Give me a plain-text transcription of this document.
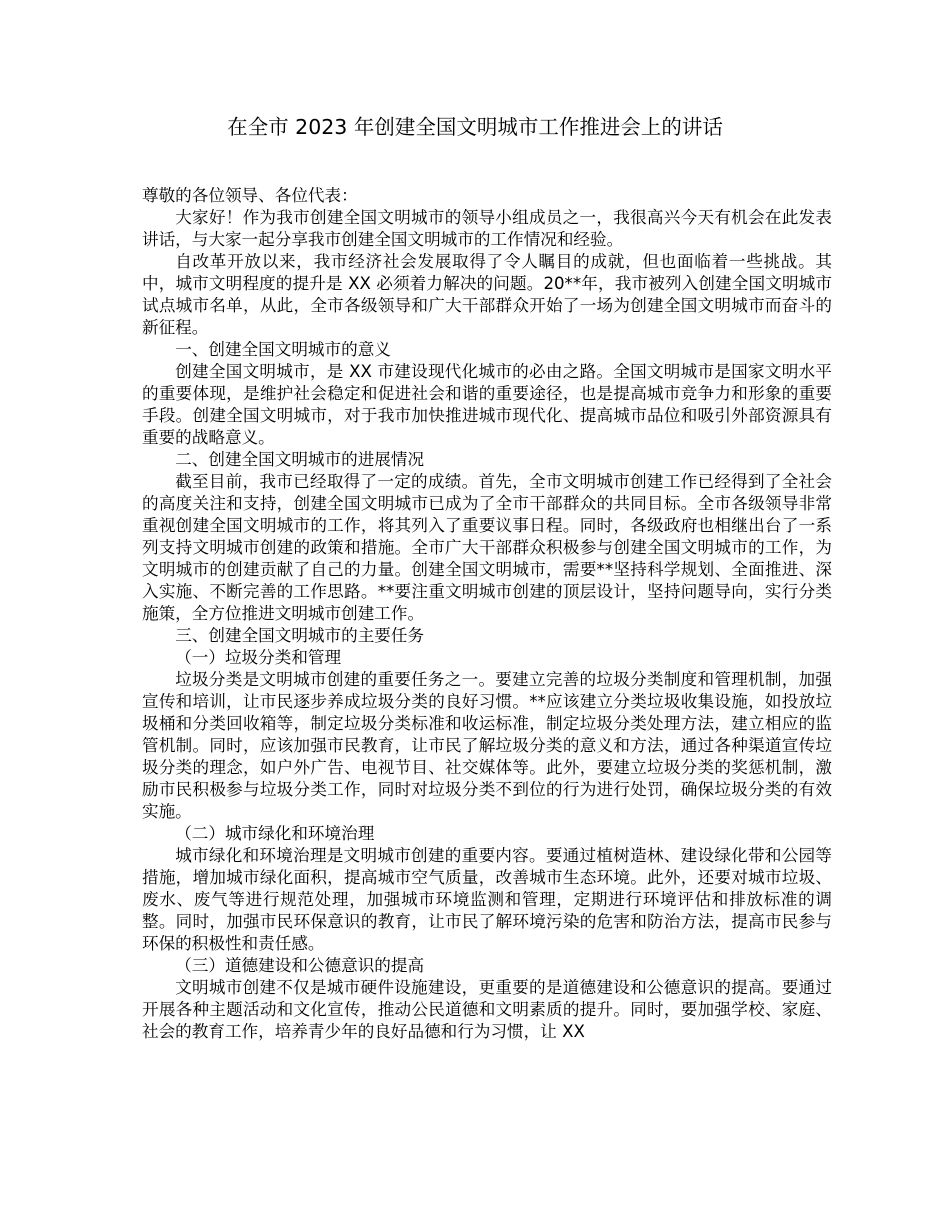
在全市 2023 年创建全国文明城市工作推进会上的讲话

尊敬的各位领导、各位代表：

大家好！作为我市创建全国文明城市的领导小组成员之一，我很高兴今天有机会在此发表讲话，与大家一起分享我市创建全国文明城市的工作情况和经验。

自改革开放以来，我市经济社会发展取得了令人瞩目的成就，但也面临着一些挑战。其中，城市文明程度的提升是 XX 必须着力解决的问题。20**年，我市被列入创建全国文明城市试点城市名单，从此，全市各级领导和广大干部群众开始了一场为创建全国文明城市而奋斗的新征程。

一、创建全国文明城市的意义

创建全国文明城市，是 XX 市建设现代化城市的必由之路。全国文明城市是国家文明水平的重要体现，是维护社会稳定和促进社会和谐的重要途径，也是提高城市竞争力和形象的重要手段。创建全国文明城市，对于我市加快推进城市现代化、提高城市品位和吸引外部资源具有重要的战略意义。

二、创建全国文明城市的进展情况

截至目前，我市已经取得了一定的成绩。首先，全市文明城市创建工作已经得到了全社会的高度关注和支持，创建全国文明城市已成为了全市干部群众的共同目标。全市各级领导非常重视创建全国文明城市的工作，将其列入了重要议事日程。同时，各级政府也相继出台了一系列支持文明城市创建的政策和措施。全市广大干部群众积极参与创建全国文明城市的工作，为文明城市的创建贡献了自己的力量。创建全国文明城市，需要**坚持科学规划、全面推进、深入实施、不断完善的工作思路。**要注重文明城市创建的顶层设计，坚持问题导向，实行分类施策，全方位推进文明城市创建工作。

三、创建全国文明城市的主要任务

（一）垃圾分类和管理

垃圾分类是文明城市创建的重要任务之一。要建立完善的垃圾分类制度和管理机制，加强宣传和培训，让市民逐步养成垃圾分类的良好习惯。**应该建立分类垃圾收集设施，如投放垃圾桶和分类回收箱等，制定垃圾分类标准和收运标准，制定垃圾分类处理方法，建立相应的监管机制。同时，应该加强市民教育，让市民了解垃圾分类的意义和方法，通过各种渠道宣传垃圾分类的理念，如户外广告、电视节目、社交媒体等。此外，要建立垃圾分类的奖惩机制，激励市民积极参与垃圾分类工作，同时对垃圾分类不到位的行为进行处罚，确保垃圾分类的有效实施。

（二）城市绿化和环境治理

城市绿化和环境治理是文明城市创建的重要内容。要通过植树造林、建设绿化带和公园等措施，增加城市绿化面积，提高城市空气质量，改善城市生态环境。此外，还要对城市垃圾、废水、废气等进行规范处理，加强城市环境监测和管理，定期进行环境评估和排放标准的调整。同时，加强市民环保意识的教育，让市民了解环境污染的危害和防治方法，提高市民参与环保的积极性和责任感。

（三）道德建设和公德意识的提高

文明城市创建不仅是城市硬件设施建设，更重要的是道德建设和公德意识的提高。要通过开展各种主题活动和文化宣传，推动公民道德和文明素质的提升。同时，要加强学校、家庭、社会的教育工作，培养青少年的良好品德和行为习惯，让 XX
